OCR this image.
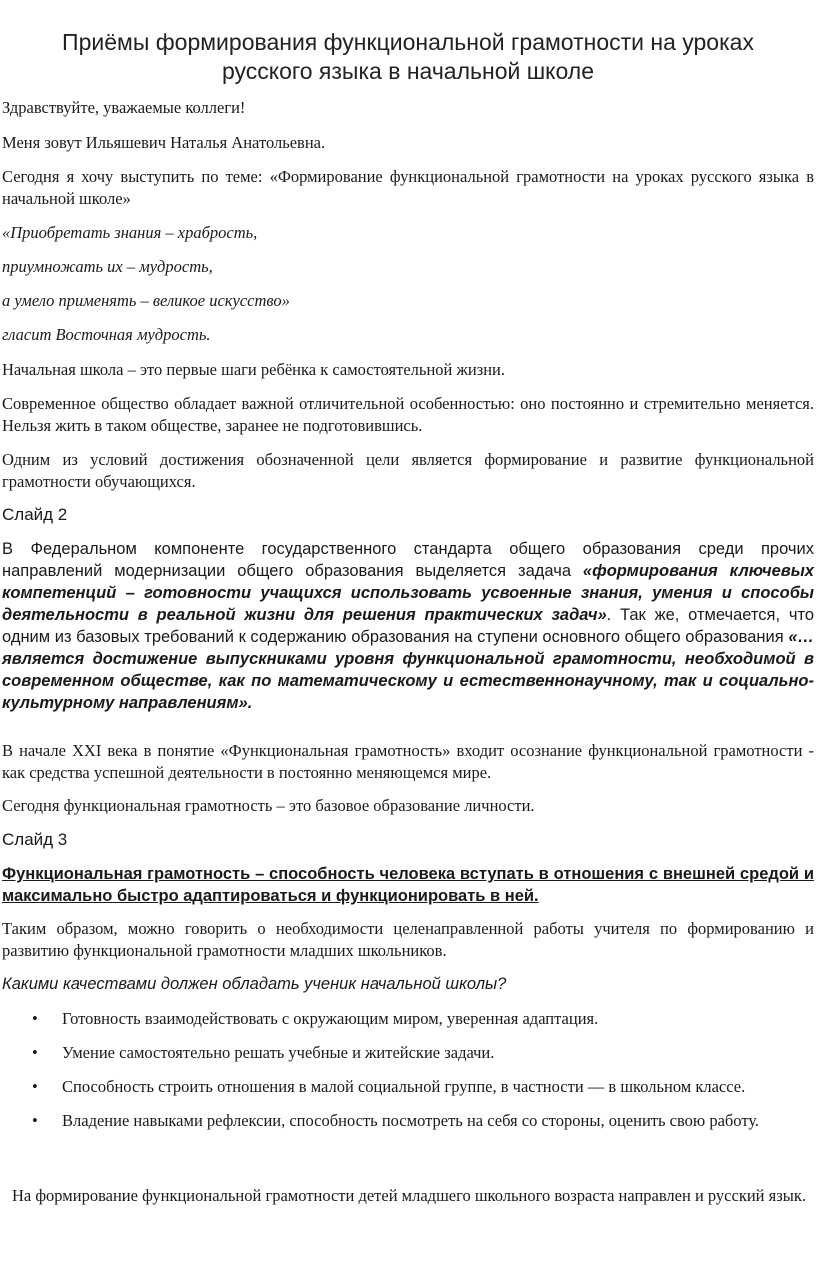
Приёмы формирования функциональной грамотности на уроках
русского языка в начальной школе

Здравствуйте, уважаемые коллеги!

Меня зовут Ильяшевич Наталья Анатольевна.

Сегодня я хочу выступить по теме: «Формирование функциональной грамотности на уроках русского языка в начальной школе»

«Приобретать знания – храбрость,

приумножать их – мудрость,

а умело применять – великое искусство»

гласит Восточная мудрость.

Начальная школа – это первые шаги ребёнка к самостоятельной жизни.

Современное общество обладает важной отличительной особенностью: оно постоянно и стремительно меняется. Нельзя жить в таком обществе, заранее не подготовившись.

Одним из условий достижения обозначенной цели является формирование и развитие функциональной грамотности обучающихся.

Слайд 2

В Федеральном компоненте государственного стандарта общего образования среди прочих направлений модернизации общего образования выделяется задача «формирования ключевых компетенций – готовности учащихся использовать усвоенные знания, умения и способы деятельности в реальной жизни для решения практических задач». Так же, отмечается, что одним из базовых требований к содержанию образования на ступени основного общего образования «… является достижение выпускниками уровня функциональной грамотности, необходимой в современном обществе, как по математическому и естественнонаучному, так и социально-культурному направлениям».

В начале XXI века в понятие «Функциональная грамотность» входит осознание функциональной грамотности - как средства успешной деятельности в постоянно меняющемся мире.

Сегодня функциональная грамотность – это базовое образование личности.

Слайд 3

Функциональная грамотность – способность человека вступать в отношения с внешней средой и максимально быстро адаптироваться и функционировать в ней.

Таким образом, можно говорить о необходимости целенаправленной работы учителя по формированию и развитию функциональной грамотности младших школьников.

Какими качествами должен обладать ученик начальной школы?

• Готовность взаимодействовать с окружающим миром, уверенная адаптация.
• Умение самостоятельно решать учебные и житейские задачи.
• Способность строить отношения в малой социальной группе, в частности — в школьном классе.
• Владение навыками рефлексии, способность посмотреть на себя со стороны, оценить свою работу.

На формирование функциональной грамотности детей младшего школьного возраста направлен и русский язык.
